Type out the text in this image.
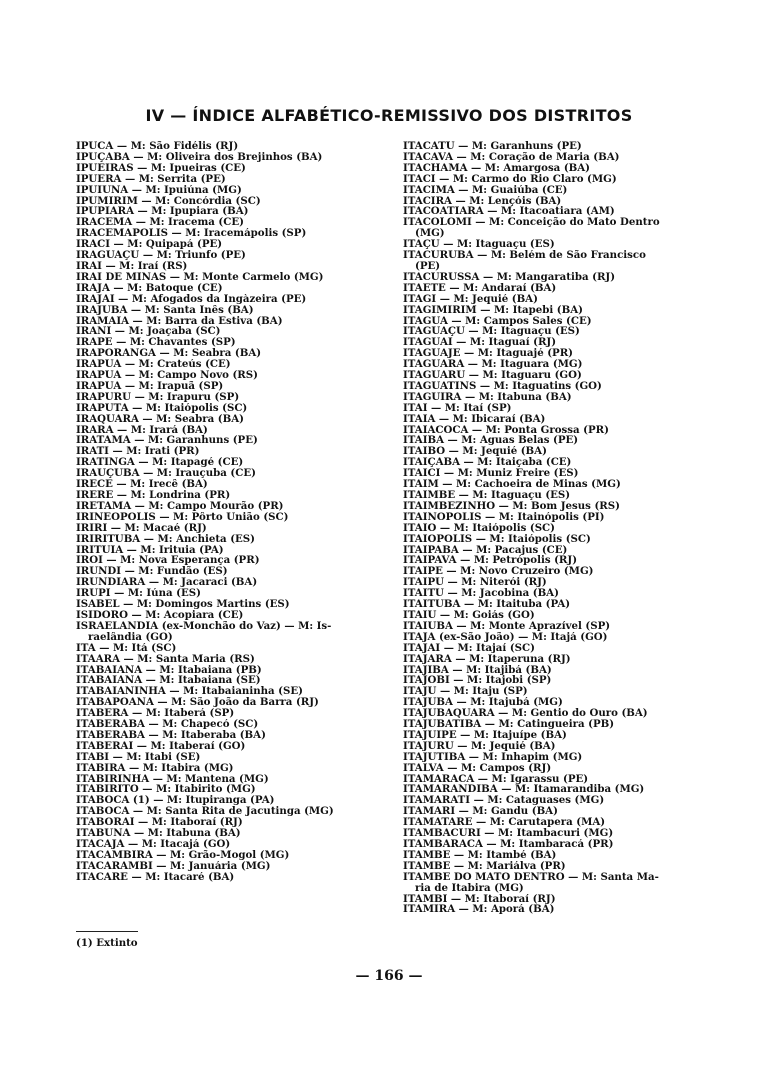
IV — ÍNDICE ALFABÉTICO-REMISSIVO DOS DISTRITOS
IPUCA — M: São Fidélis (RJ)
IPUÇABA — M: Oliveira dos Brejinhos (BA)
IPUEIRAS — M: Ipueiras (CE)
IPUERA — M: Serrita (PE)
IPUIÚNA — M: Ipuiúna (MG)
IPUMIRIM — M: Concórdia (SC)
IPUPIARA — M: Ipupiara (BA)
IRACEMA — M: Iracema (CE)
IRACEMÁPOLIS — M: Iracemápolis (SP)
IRACI — M: Quipapá (PE)
IRAGUAÇU — M: Triunfo (PE)
IRAÍ — M: Iraí (RS)
IRAÍ DE MINAS — M: Monte Carmelo (MG)
IRAJÁ — M: Batoque (CE)
IRAJAÍ — M: Afogados da Ingàzeira (PE)
IRAJUBA — M: Santa Inês (BA)
IRAMAIA — M: Barra da Estiva (BA)
IRANI — M: Joaçaba (SC)
IRAPÉ — M: Chavantes (SP)
IRAPORANGA — M: Seabra (BA)
IRAPUÁ — M: Crateús (CE)
IRAPUÁ — M: Campo Novo (RS)
IRAPUÃ — M: Irapuã (SP)
IRAPURU — M: Irapuru (SP)
IRAPUTÃ — M: Itaiópolis (SC)
IRAQUARA — M: Seabra (BA)
IRARÁ — M: Irará (BA)
IRATAMA — M: Garanhuns (PE)
IRATI — M: Irati (PR)
IRATINGA — M: Itapagé (CE)
IRAUÇUBA — M: Irauçuba (CE)
IRECÊ — M: Irecê (BA)
IRERÊ — M: Londrina (PR)
IRETAMA — M: Campo Mourão (PR)
IRINEÓPOLIS — M: Pôrto União (SC)
IRIRI — M: Macaé (RJ)
IRIRITUBA — M: Anchieta (ES)
IRITUIA — M: Irituia (PA)
IRÕI — M: Nova Esperança (PR)
IRUNDI — M: Fundão (ES)
IRUNDIARA — M: Jacaraci (BA)
IRUPI — M: Iúna (ES)
ISABEL — M: Domingos Martins (ES)
ISIDORO — M: Acopiara (CE)
ISRAELÂNDIA (ex-Monchão do Vaz) — M: Is-
raelândia (GO)
ITÁ — M: Itá (SC)
ITAARA — M: Santa Maria (RS)
ITABAIANA — M: Itabaiana (PB)
ITABAIANA — M: Itabaiana (SE)
ITABAIANINHA — M: Itabaianinha (SE)
ITABAPOANA — M: São João da Barra (RJ)
ITABERÁ — M: Itaberá (SP)
ITABERABA — M: Chapecó (SC)
ITABERABA — M: Itaberaba (BA)
ITABERAÍ — M: Itaberaí (GO)
ITABI — M: Itabi (SE)
ITABIRA — M: Itabira (MG)
ITABIRINHA — M: Mantena (MG)
ITABIRITO — M: Itabirito (MG)
ITABOCA (1) — M: Itupiranga (PA)
ITABOCA — M: Santa Rita de Jacutinga (MG)
ITABORAÍ — M: Itaboraí (RJ)
ITABUNA — M: Itabuna (BA)
ITACAJÁ — M: Itacajá (GO)
ITACAMBIRA — M: Grão-Mogol (MG)
ITACARAMBI — M: Januária (MG)
ITACARÉ — M: Itacaré (BA)
ITACATU — M: Garanhuns (PE)
ITACAVA — M: Coração de Maria (BA)
ITACHAMA — M: Amargosa (BA)
ITACI — M: Carmo do Rio Claro (MG)
ITACIMA — M: Guaiúba (CE)
ITACIRA — M: Lençóis (BA)
ITACOATIARA — M: Itacoatiara (AM)
ITACOLOMI — M: Conceição do Mato Dentro
(MG)
ITAÇU — M: Itaguaçu (ES)
ITACURUBA — M: Belém de São Francisco
(PE)
ITACURUSSÁ — M: Mangaratiba (RJ)
ITAETÊ — M: Andaraí (BA)
ITAGI — M: Jequié (BA)
ITAGIMIRIM — M: Itapebi (BA)
ITAGUÁ — M: Campos Sales (CE)
ITAGUAÇU — M: Itaguaçu (ES)
ITAGUAÍ — M: Itaguaí (RJ)
ITAGUAJÉ — M: Itaguajé (PR)
ITAGUARA — M: Itaguara (MG)
ITAGUARU — M: Itaguaru (GO)
ITAGUATINS — M: Itaguatins (GO)
ITAGUIRA — M: Itabuna (BA)
ITAÍ — M: Itaí (SP)
ITAIÁ — M: Ibicaraí (BA)
ITAIACOCA — M: Ponta Grossa (PR)
ITAÍBA — M: Águas Belas (PE)
ITAIBÓ — M: Jequié (BA)
ITAIÇABA — M: Itaiçaba (CE)
ITAICI — M: Muniz Freire (ES)
ITAIM — M: Cachoeira de Minas (MG)
ITAIMBÉ — M: Itaguaçu (ES)
ITAIMBÈZINHO — M: Bom Jesus (RS)
ITAINÓPOLIS — M: Itainópolis (PI)
ITAIÓ — M: Itaiópolis (SC)
ITAIÓPOLIS — M: Itaiópolis (SC)
ITAIPABA — M: Pacajus (CE)
ITAIPAVA — M: Petrópolis (RJ)
ITAIPÉ — M: Novo Cruzeiro (MG)
ITAIPU — M: Niterói (RJ)
ITAITU — M: Jacobina (BA)
ITAITUBA — M: Itaituba (PA)
ITAIÚ — M: Goiás (GO)
ITAIÚBA — M: Monte Aprazível (SP)
ITAJÁ (ex-São João) — M: Itajá (GO)
ITAJAÍ — M: Itajaí (SC)
ITAJARA — M: Itaperuna (RJ)
ITAJIBÁ — M: Itajibá (BA)
ITAJOBI — M: Itajobi (SP)
ITAJU — M: Itaju (SP)
ITAJUBÁ — M: Itajubá (MG)
ITAJUBAQUARA — M: Gentio do Ouro (BA)
ITAJUBATIBA — M: Catingueira (PB)
ITAJUÍPE — M: Itajuípe (BA)
ITAJURU — M: Jequié (BA)
ITAJUTIBA — M: Inhapim (MG)
ITALVA — M: Campos (RJ)
ITAMARACÁ — M: Igarassu (PE)
ITAMARANDIBA — M: Itamarandiba (MG)
ITAMARATI — M: Cataguases (MG)
ITAMARI — M: Gandu (BA)
ITAMATARÉ — M: Carutapera (MA)
ITAMBACURI — M: Itambacuri (MG)
ITAMBARACÁ — M: Itambaracá (PR)
ITAMBÉ — M: Itambé (BA)
ITAMBÉ — M: Mariálva (PR)
ITAMBÉ DO MATO DENTRO — M: Santa Ma-
ria de Itabira (MG)
ITAMBI — M: Itaboraí (RJ)
ITAMIRA — M: Aporá (BA)
(1) Extinto
— 166 —
